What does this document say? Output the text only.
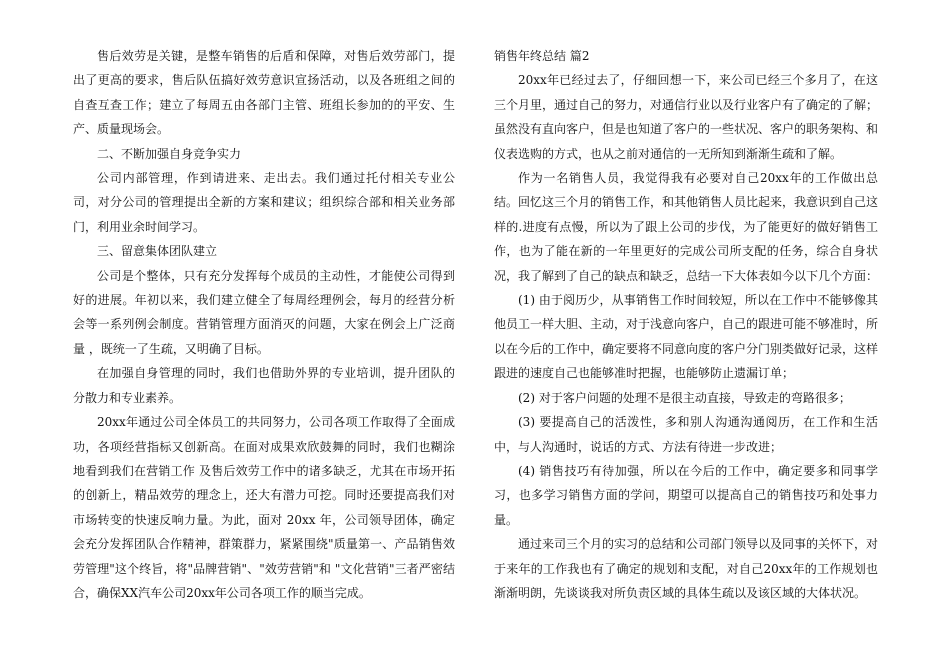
售后效劳是关键，是整车销售的后盾和保障，对售后效劳部门，提出了更高的要求，售后队伍搞好效劳意识宣扬活动，以及各班组之间的自查互查工作；建立了每周五由各部门主管、班组长参加的的平安、生产、质量现场会。

二、不断加强自身竞争实力

公司内部管理，作到请进来、走出去。我们通过托付相关专业公司，对分公司的管理提出全新的方案和建议；组织综合部和相关业务部门，利用业余时间学习。

三、留意集体团队建立

公司是个整体，只有充分发挥每个成员的主动性，才能使公司得到好的进展。年初以来，我们建立健全了每周经理例会，每月的经营分析会等一系列例会制度。营销管理方面消灭的问题，大家在例会上广泛商量 ，既统一了生疏，又明确了目标。

在加强自身管理的同时，我们也借助外界的专业培训，提升团队的分散力和专业素养。

20xx年通过公司全体员工的共同努力，公司各项工作取得了全面成功，各项经营指标又创新高。在面对成果欢欣鼓舞的同时，我们也糊涂地看到我们在营销工作 及售后效劳工作中的诸多缺乏，尤其在市场开拓的创新上，精品效劳的理念上，还大有潜力可挖。同时还要提高我们对市场转变的快速反响力量。为此，面对 20xx 年，公司领导团体，确定会充分发挥团队合作精神，群策群力，紧紧围绕"质量第一、产品销售效劳管理"这个终旨，将"品牌营销"、"效劳营销"和 "文化营销"三者严密结合，确保XX汽车公司20xx年公司各项工作的顺当完成。

销售年终总结 篇2

20xx年已经过去了，仔细回想一下，来公司已经三个多月了，在这三个月里，通过自己的努力，对通信行业以及行业客户有了确定的了解；虽然没有直向客户，但是也知道了客户的一些状况、客户的职务架构、和仪表选购的方式，也从之前对通信的一无所知到渐渐生疏和了解。

作为一名销售人员，我觉得我有必要对自己20xx年的工作做出总结。回忆这三个月的销售工作，和其他销售人员比起来，我意识到自己这样的.进度有点慢，所以为了跟上公司的步伐，为了能更好的做好销售工作，也为了能在新的一年里更好的完成公司所支配的任务，综合自身状况，我了解到了自己的缺点和缺乏，总结一下大体表如今以下几个方面：

(1) 由于阅历少，从事销售工作时间较短，所以在工作中不能够像其他员工一样大胆、主动，对于浅意向客户，自己的跟进可能不够准时，所以在今后的工作中，确定要将不同意向度的客户分门别类做好记录，这样跟进的速度自己也能够准时把握，也能够防止遗漏订单；

(2) 对于客户问题的处理不是很主动直接，导致走的弯路很多；

(3) 要提高自己的活泼性，多和别人沟通沟通阅历，在工作和生活中，与人沟通时，说话的方式、方法有待进一步改进；

(4) 销售技巧有待加强，所以在今后的工作中，确定要多和同事学习，也多学习销售方面的学问，期望可以提高自己的销售技巧和处事力量。

通过来司三个月的实习的总结和公司部门领导以及同事的关怀下，对于来年的工作我也有了确定的规划和支配，对自己20xx年的工作规划也渐渐明朗，先谈谈我对所负责区域的具体生疏以及该区域的大体状况。
